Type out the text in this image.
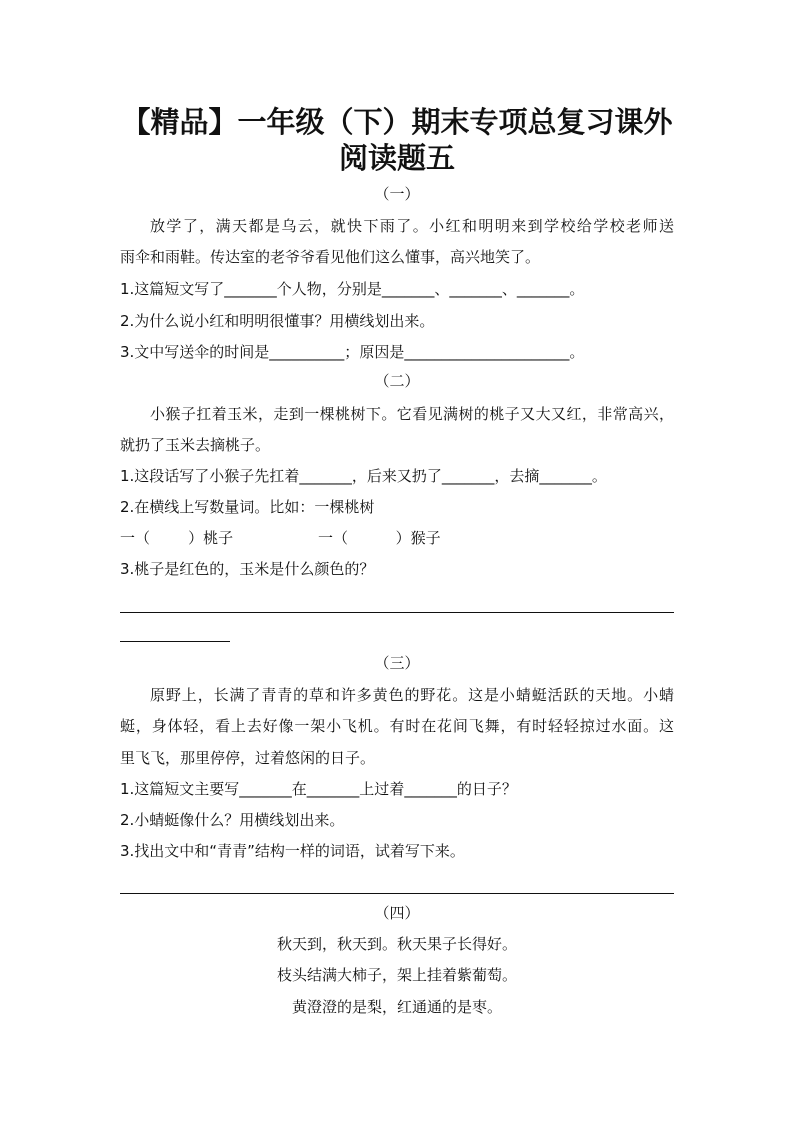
【精品】一年级（下）期末专项总复习课外
阅读题五
（一）
放学了，满天都是乌云，就快下雨了。小红和明明来到学校给学校老师送
雨伞和雨鞋。传达室的老爷爷看见他们这么懂事，高兴地笑了。
1.这篇短文写了_______个人物，分别是_______、_______、_______。
2.为什么说小红和明明很懂事？用横线划出来。
3.文中写送伞的时间是__________；原因是______________________。
（二）
小猴子扛着玉米，走到一棵桃树下。它看见满树的桃子又大又红，非常高兴，
就扔了玉米去摘桃子。
1.这段话写了小猴子先扛着_______，后来又扔了_______，去摘_______。
2.在横线上写数量词。比如：一棵桃树
一（        ）桃子	一（          ）猴子
3.桃子是红色的，玉米是什么颜色的？
（三）
原野上，长满了青青的草和许多黄色的野花。这是小蜻蜓活跃的天地。小蜻
蜓，身体轻，看上去好像一架小飞机。有时在花间飞舞，有时轻轻掠过水面。这
里飞飞，那里停停，过着悠闲的日子。
1.这篇短文主要写_______在_______上过着_______的日子？
2.小蜻蜓像什么？用横线划出来。
3.找出文中和“青青”结构一样的词语，试着写下来。
（四）
秋天到，秋天到。秋天果子长得好。
枝头结满大柿子，架上挂着紫葡萄。
黄澄澄的是梨，红通通的是枣。
